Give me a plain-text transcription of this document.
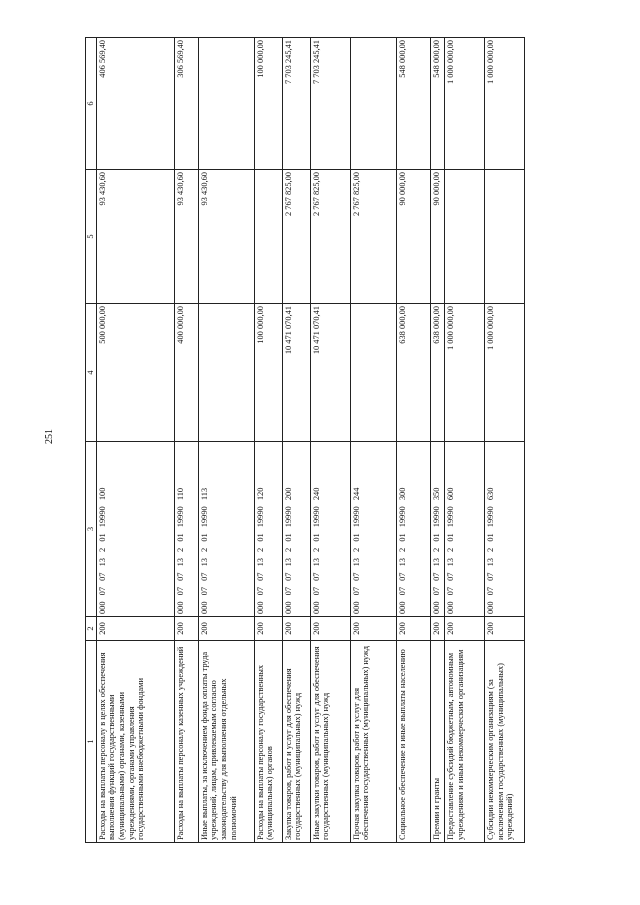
251
1	2	3	4	5	6
Расходы на выплаты персоналу в целях обеспечения выполнения функций государственными (муниципальными) органами, казенными учреждениями, органами управления государственными внебюджетными фондами	200	000 07 07 13 2 01 19990 100	500 000,00	93 430,60	406 569,40
Расходы на выплаты персоналу казенных учреждений	200	000 07 07 13 2 01 19990 110	400 000,00	93 430,60	306 569,40
Иные выплаты, за исключением фонда оплаты труда учреждений, лицам, привлекаемым согласно законодательству для выполнения отдельных полномочий	200	000 07 07 13 2 01 19990 113		93 430,60	
Расходы на выплаты персоналу государственных (муниципальных) органов	200	000 07 07 13 2 01 19990 120	100 000,00		100 000,00
Закупка товаров, работ и услуг для обеспечения государственных (муниципальных) нужд	200	000 07 07 13 2 01 19990 200	10 471 070,41	2 767 825,00	7 703 245,41
Иные закупки товаров, работ и услуг для обеспечения государственных (муниципальных) нужд	200	000 07 07 13 2 01 19990 240	10 471 070,41	2 767 825,00	7 703 245,41
Прочая закупка товаров, работ и услуг для обеспечения государственных (муниципальных) нужд	200	000 07 07 13 2 01 19990 244		2 767 825,00	
Социальное обеспечение и иные выплаты населению	200	000 07 07 13 2 01 19990 300	638 000,00	90 000,00	548 000,00
Премии и гранты	200	000 07 07 13 2 01 19990 350	638 000,00	90 000,00	548 000,00
Предоставление субсидий бюджетным, автономным учреждениям и иным некоммерческим организациям	200	000 07 07 13 2 01 19990 600	1 000 000,00		1 000 000,00
Субсидии некоммерческим организациям (за исключением государственных (муниципальных) учреждений)	200	000 07 07 13 2 01 19990 630	1 000 000,00		1 000 000,00
